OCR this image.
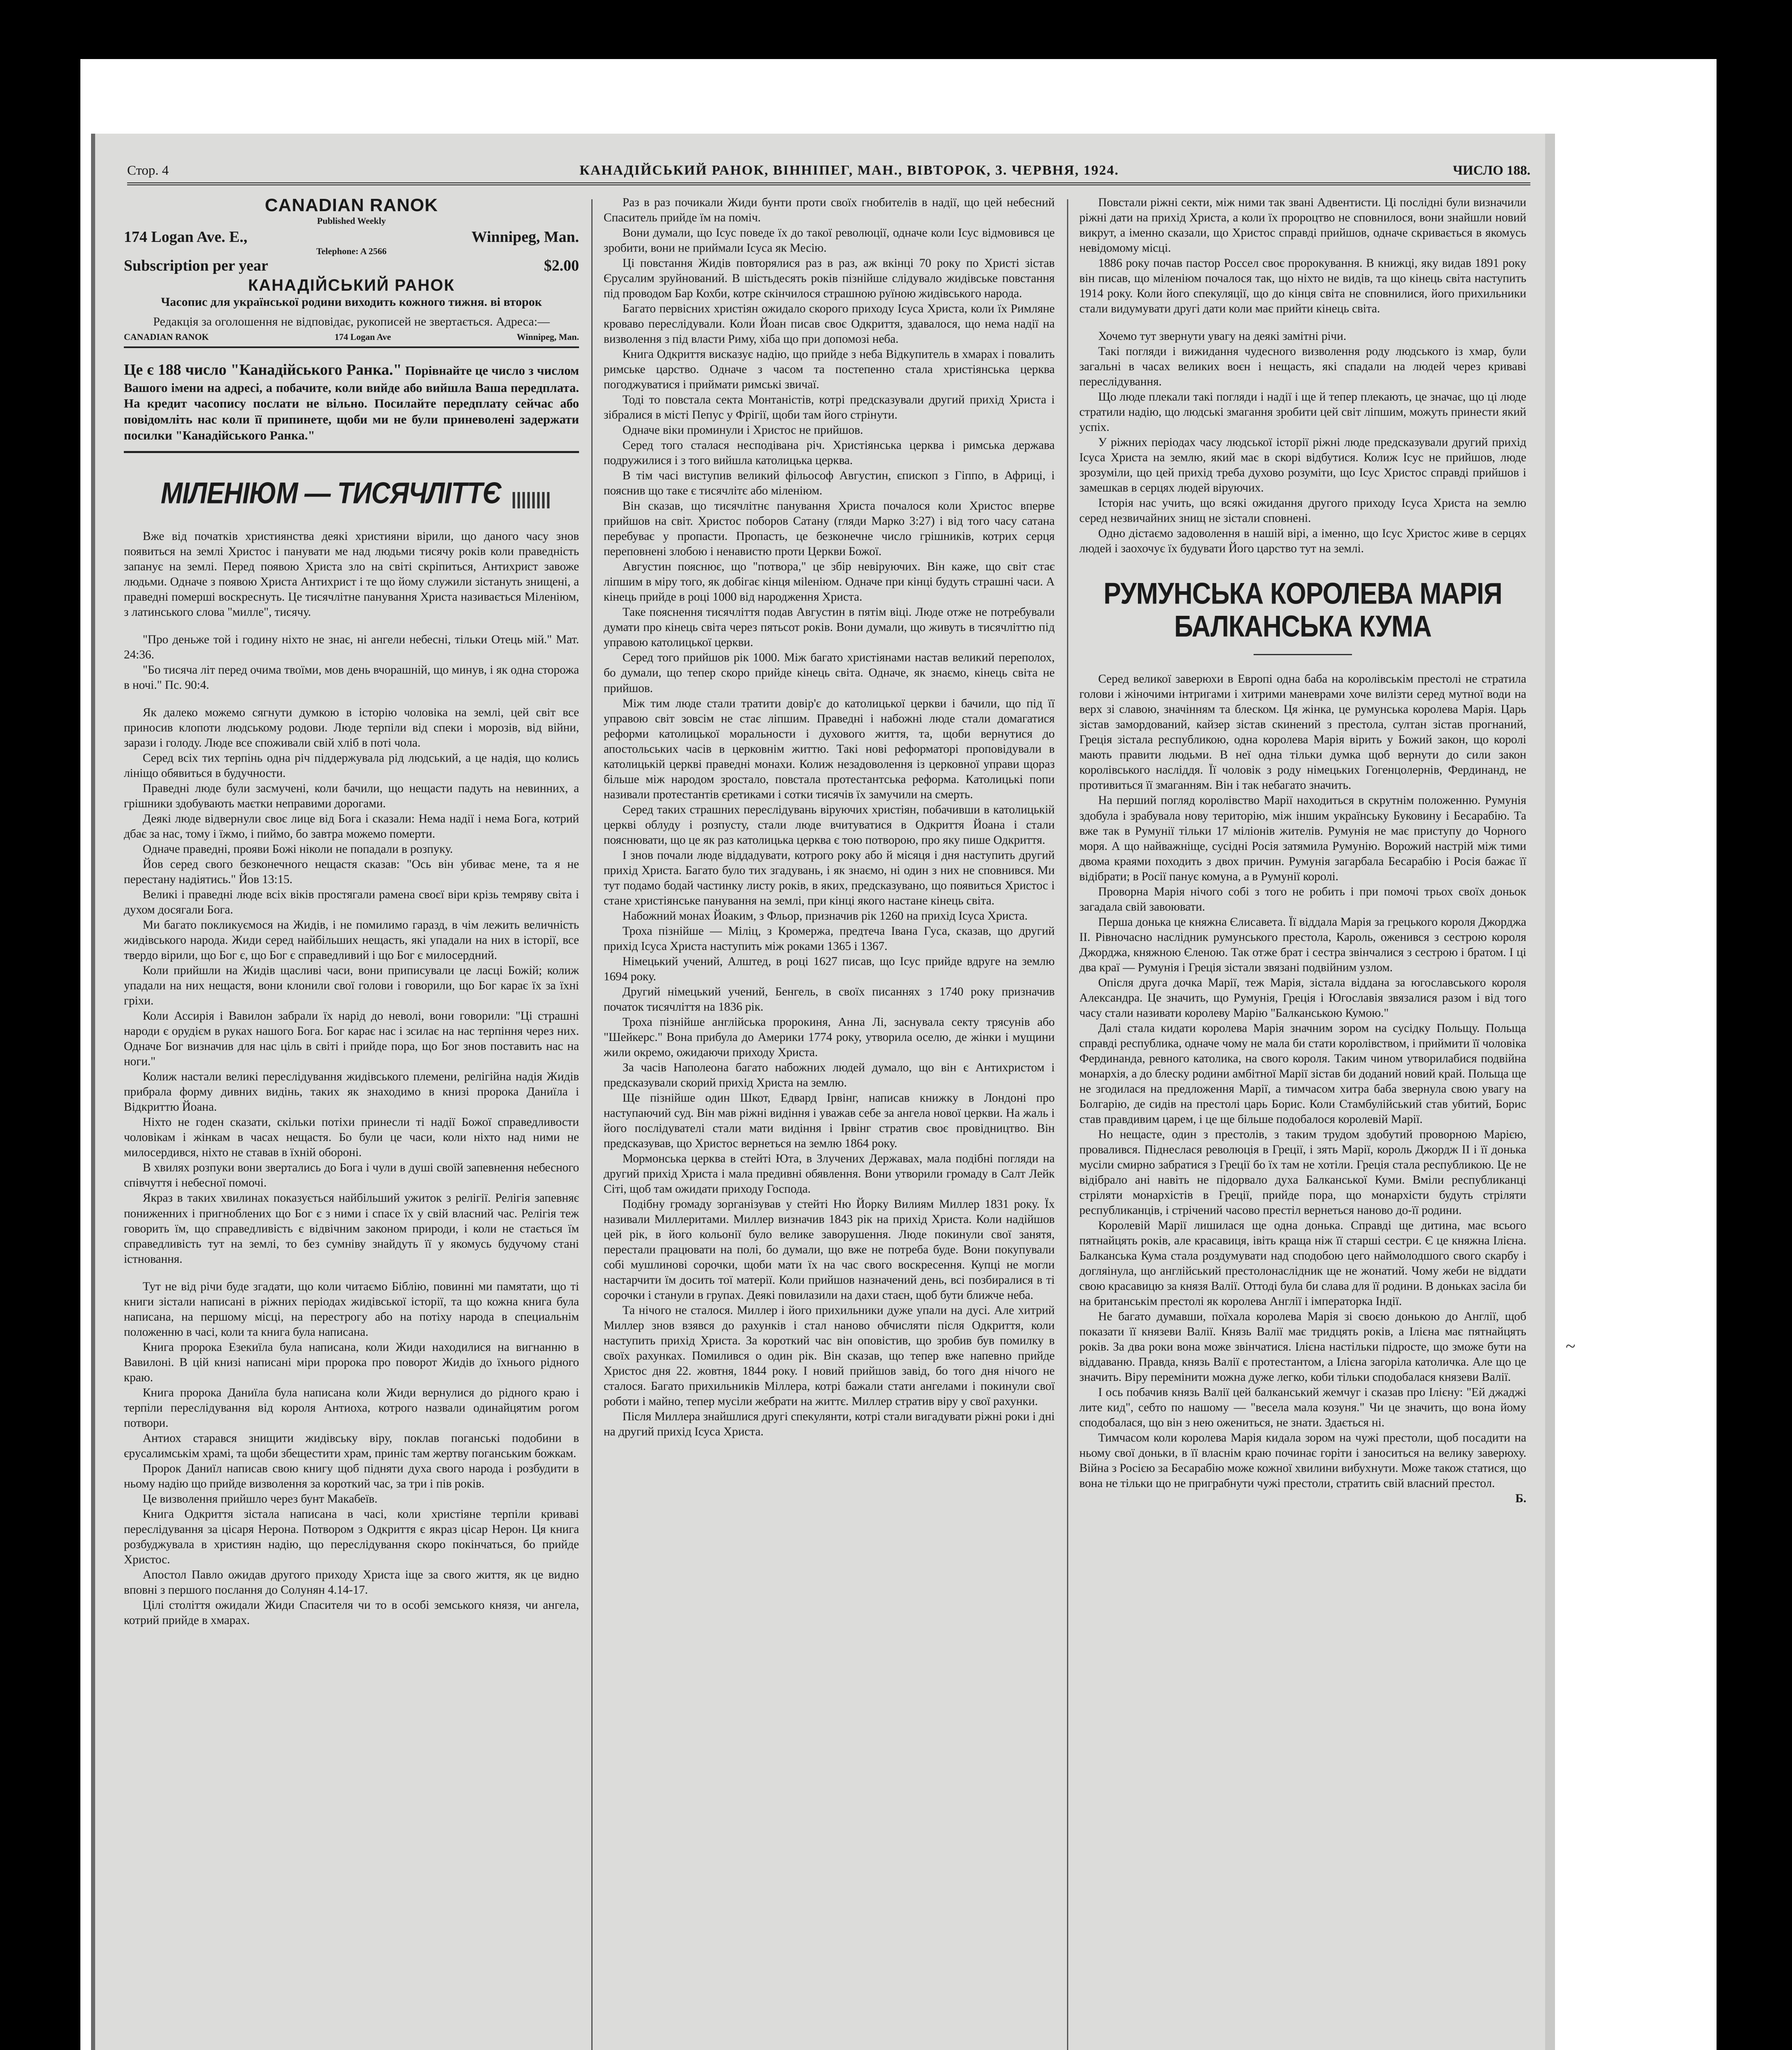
Стор. 4	КАНАДІЙСЬКИЙ РАНОК, ВІННІПЕГ, МАН., ВІВТОРОК, 3. ЧЕРВНЯ, 1924.	ЧИСЛО 188.
CANADIAN RANOK
Published Weekly
174 Logan Ave. E.,	Winnipeg, Man.
Telephone: A 2566
Subscription per year	$2.00
КАНАДІЙСЬКИЙ РАНОК
Часопис для української родини виходить кожного тижня. ві второк
Редакція за оголошення не відповідає, рукописей не звертається. Адреса:—
CANADIAN RANOK	174 Logan Ave	Winnipeg, Man.
Це є 188 число "Канадійського Ранка." Порівнайте це число з числом Вашого імени на адресі, а побачите, коли вийде або вийшла Ваша передплата. На кредит часопису послати не вільно. Посилайте передплату сейчас або повідомліть нас коли її припинете, щоби ми не були приневолені задержати посилки "Канадійського Ранка."
МІЛЕНІЮМ — ТИСЯЧЛІТТЄ

Вже від початків християнства деякі християни вірили, що даного часу знов появиться на землі Христос і панувати ме над людьми тисячу років коли праведність запанує на землі. Перед появою Христа зло на світі скріпиться, Антихрист завоже людьми. Одначе з появою Христа Антихрист і те що йому служили зістануть знищені, а праведні померші воскреснуть. Це тисячлітне панування Христа називається Міленіюм, з латинського слова "милле", тисячу.

"Про деньже той і годину ніхто не знає, ні ангели небесні, тільки Отець мій." Мат. 24:36.

"Бо тисяча літ перед очима твоїми, мов день вчорашній, що минув, і як одна сторожа в ночі." Пс. 90:4.

Як далеко можемо сягнути думкою в історію чоловіка на землі, цей світ все приносив клопоти людському родови. Люде терпіли від спеки і морозів, від війни, зарази і голоду. Люде все споживали свій хліб в поті чола.

Серед всіх тих терпінь одна річ піддержувала рід людський, а це надія, що колись лініщо обявиться в будучности.

Праведні люде були засмучені, коли бачили, що нещасти падуть на невинних, а грішники здобувають маєтки неправими дорогами.

Деякі люде відвернули своє лице від Бога і сказали: Нема надії і нема Бога, котрий дбає за нас, тому і їжмо, і пиймо, бо завтра можемо померти.

Одначе праведні, прояви Божі ніколи не попадали в розпуку.

Йов серед свого безконечного нещастя сказав: "Ось він убиває мене, та я не перестану надіятись." Йов 13:15.

Великі і праведні люде всіх віків простягали рамена своєї віри крізь темряву світа і духом досягали Бога.

Ми багато покликуємося на Жидів, і не помилимо гаразд, в чім лежить величність жидівського народа. Жиди серед найбільших нещасть, які упадали на них в історії, все твердо вірили, що Бог є, що Бог є справедливий і що Бог є милосердний.

Коли прийшли на Жидів щасливі часи, вони приписували це ласці Божій; колиж упадали на них нещастя, вони клонили свої голови і говорили, що Бог карає їх за їхні гріхи.

Коли Ассирія і Вавилон забрали їх нарід до неволі, вони говорили: "Ці страшні народи є орудієм в руках нашого Бога. Бог карає нас і зсилає на нас терпіння через них. Одначе Бог визначив для нас ціль в світі і прийде пора, що Бог знов поставить нас на ноги."

Колиж настали великі переслідування жидівського племени, релігійна надія Жидів прибрала форму дивних видінь, таких як знаходимо в книзі пророка Даниїла і Відкриттю Йоана.

Ніхто не годен сказати, скільки потіхи принесли ті надії Божої справедливости чоловікам і жінкам в часах нещастя. Бо були це часи, коли ніхто над ними не милосердився, ніхто не ставав в їхній обороні.

В хвилях розпуки вони звертались до Бога і чули в душі своїй запевнення небесного співчуття і небесної помочі.

Якраз в таких хвилинах показується найбільший ужиток з релігії. Релігія запевняє пониженних і пригноблених що Бог є з ними і спасе їх у свій власний час. Релігія теж говорить їм, що справедливість є відвічним законом природи, і коли не стається їм справедливість тут на землі, то без сумніву знайдуть її у якомусь будучому стані істновання.

Тут не від річи буде згадати, що коли читаємо Біблію, повинні ми памятати, що ті книги зістали написані в ріжних періодах жидівської історії, та що кожна книга була написана, на першому місці, на перестрогу або на потіху народа в специальнім положенню в часі, коли та книга була написана.

Книга пророка Езекиїла була написана, коли Жиди находилися на вигнанню в Вавилоні. В цій книзі написані міри пророка про поворот Жидів до їхнього рідного краю.

Книга пророка Даниїла була написана коли Жиди вернулися до рідного краю і терпіли переслідування від короля Антиоха, котрого назвали одинайцятим рогом потвори.

Антиох старався знищити жидівську віру, поклав поганські подобини в єрусалимськім храмі, та щоби збещестити храм, приніс там жертву поганським божкам.

Пророк Даниїл написав свою книгу щоб підняти духа свого народа і розбудити в ньому надію що прийде визволення за короткий час, за три і пів років.

Це визволення прийшло через бунт Макабеїв.

Книга Одкриття зістала написана в часі, коли христіяне терпіли криваві переслідування за цісаря Нерона. Потвором з Одкриття є якраз цісар Нерон. Ця книга розбуджувала в християн надію, що переслідування скоро покінчаться, бо прийде Христос.

Апостол Павло ожидав другого приходу Христа іще за свого життя, як це видно вповні з першого послання до Солунян 4.14-17.

Цілі століття ожидали Жиди Спасителя чи то в особі земського князя, чи ангела, котрий прийде в хмарах.

Раз в раз почикали Жиди бунти проти своїх гнобителів в надії, що цей небесний Спаситель прийде їм на поміч.

Вони думали, що Ісус поведе їх до такої революції, одначе коли Ісус відмовився це зробити, вони не приймали Ісуса як Месію.

Ці повстання Жидів повторялися раз в раз, аж вкінці 70 року по Христі зістав Єрусалим зруйнований. В шістьдесять років пізнійше слідувало жидівське повстання під проводом Бар Кохби, котре скінчилося страшною руїною жидівського народа.

Багато первісних христіян ожидало скорого приходу Ісуса Христа, коли їх Римляне кроваво переслідували. Коли Йоан писав своє Одкриття, здавалося, що нема надії на визволення з під власти Риму, хіба що при допомозі неба.

Книга Одкриття висказує надію, що прийде з неба Відкупитель в хмарах і повалить римське царство. Одначе з часом та постепенно стала христіянська церква погоджуватися і приймати римські звичаї.

Тоді то повстала секта Монтаністів, котрі предсказували другий прихід Христа і зібралися в місті Пепус у Фрiгії, щоби там його стрiнути.

Одначе віки проминули і Христос не прийшов.

Серед того сталася несподівана річ. Христіянська церква і римська держава подружилися і з того вийшла католицька церква.

В тім часі виступив великий фільософ Августин, єпископ з Гіппо, в Африці, і пояснив що таке є тисячлітє або міленіюм.

Він сказав, що тисячлітнє панування Христа почалося коли Христос вперве прийшов на світ. Христос поборов Сатану (гляди Марко 3:27) і від того часу сатана перебуває у пропасти. Пропасть, це безконечне число грішників, котрих серця переповнені злобою і ненавистю проти Церкви Божої.

Августин пояснює, що "потвора," це збір невіруючих. Він каже, що світ стає ліпшим в міру того, як добігає кінця мileніюм. Одначе при кінці будуть страшні часи. А кінець прийде в році 1000 від народження Христа.

Таке пояснення тисячліття подав Августин в пятім віці. Люде отже не потребували думати про кінець світа через пятьсот років. Вони думали, що живуть в тисячліттю під управою католицької церкви.

Серед того прийшов рік 1000. Між багато христіянами настав великий переполох, бо думали, що тепер скоро прийде кінець світа. Одначе, як знаємо, кінець світа не прийшов.

Між тим люде стали тратити довір'є до католицької церкви і бачили, що під її управою світ зовсім не стає ліпшим. Праведні і набожні люде стали домагатися реформи католицької моральности і духового життя, та, щоби вернутися до апостольських часів в церковнім життю. Такі нові реформаторі проповідували в католицькій церкві праведні монахи. Колиж незадоволення із церковної управи щораз більше між народом зростало, повстала протестантська реформа. Католицькі попи називали протестантів єретиками і сотки тисячів їх замучили на смерть.

Серед таких страшних переслідувань віруючих христіян, побачивши в католицькій церкві облуду і розпусту, стали люде вчитуватися в Одкриття Йоана і стали пояснювати, що це як раз католицька церква є тою потворою, про яку пише Одкриття.

І знов почали люде віддадувати, котрого року або й місяця і дня наступить другий прихід Христа. Багато було тих згадувань, і як знаємо, ні один з них не сповнився. Ми тут подамо бодай частинку листу років, в яких, предсказувано, що появиться Христос і стане христіянське панування на землі, при кінці якого настане кінець світа.

Набожний монах Йоаким, з Фльор, призначив рік 1260 на прихід Ісуса Христа.

Троха пізнійше — Міліц, з Кромержа, предтеча Івана Гуса, сказав, що другий прихід Ісуса Христа наступить між роками 1365 і 1367.

Німецький учений, Алштед, в році 1627 писав, що Ісус прийде вдруге на землю 1694 року.

Другий німецький учений, Бенгель, в своїх писаннях з 1740 року призначив початок тисячліття на 1836 рік.

Троха пізнійше англійська пророкиня, Анна Лі, заснувала секту трясунів або "Шейкерс." Вона прибула до Америки 1774 року, утворила оселю, де жінки і мущини жили окремо, ожидаючи приходу Христа.

За часів Наполеона багато набожних людей думало, що він є Антихристом і предсказували скорий прихід Христа на землю.

Ще пізнійше один Шкот, Едвард Ірвінг, написав книжку в Лондоні про наступаючий суд. Він мав ріжні видіння і уважав себе за ангела нової церкви. На жаль і його послідувателі стали мати видіння і Ірвінг стратив своє провідництво. Він предсказував, що Христос вернеться на землю 1864 року.

Мормонська церква в стейті Юта, в Злучених Державах, мала подібні погляди на другий прихід Христа і мала предивні обявлення. Вони утворили громаду в Салт Лейк Сіті, щоб там ожидати приходу Господа.

Подібну громаду зорганізував у стейті Ню Йорку Вилиям Миллер 1831 року. Їх називали Миллеритами. Миллер визначив 1843 рік на прихід Христа. Коли надійшов цей рік, в його кольонії було велике заворушення. Люде покинули свої занятя, перестали працювати на полі, бо думали, що вже не потреба буде. Вони покупували собі мушлинові сорочки, щоби мати їх на час свого воскресення. Купці не могли настарчити їм досить тої матерії. Коли прийшов назначений день, всі позбиралися в ті сорочки і станули в групах. Деякі повилазили на дахи стаєн, щоб бути ближче неба.

Та нічого не сталося. Миллер і його прихильники дуже упали на дусі. Але хитрий Миллер знов взявся до рахунків і стал наново обчисляти після Одкриття, коли наступить прихід Христа. За короткий час він оповістив, що зробив був помилку в своїх рахунках. Помилився о один рік. Він сказав, що тепер вже напевно прийде Христос дня 22. жовтня, 1844 року. І новий прийшов завід, бо того дня нічого не сталося. Багато прихильників Міллера, котрі бажали стати ангелами і покинули свої роботи і майно, тепер мусіли жебрати на життє. Миллер стратив віру у свої рахунки.

Після Миллера знайшлися другі спекулянти, котрі стали вигадувати ріжні роки і дні на другий прихід Ісуса Христа.

Повстали ріжні секти, між ними так звані Адвентисти. Ці послідні були визначили ріжні дати на прихід Христа, а коли їх пророцтво не сповнилося, вони знайшли новий викрут, а іменно сказали, що Христос справді прийшов, одначе скривається в якомусь невідомому місці.

1886 року почав пастор Россел своє пророкування. В книжці, яку видав 1891 року він писав, що міленіюм почалося так, що ніхто не видів, та що кінець світа наступить 1914 року. Коли його спекуляції, що до кінця світа не сповнилися, його прихильники стали видумувати другі дати коли має прийти кінець світа.

Хочемо тут звернути увагу на деякі замітні річи.

Такі погляди і вижидання чудесного визволення роду людського із хмар, були загальні в часах великих воєн і нещасть, які спадали на людей через криваві переслідування.

Що люде плекали такі погляди і надії і ще й тепер плекають, це значає, що ці люде стратили надію, що людські змагання зробити цей світ ліпшим, можуть принести який успіх.

У ріжних періодах часу людської історії ріжні люде предсказували другий прихід Ісуса Христа на землю, який має в скорі відбутися. Колиж Ісус не прийшов, люде зрозуміли, що цей прихід треба духово розуміти, що Ісус Христос справді прийшов і замешкав в серцях людей віруючих.

Історія нас учить, що всякі ожидання другого приходу Ісуса Христа на землю серед незвичайних знищ не зістали сповнені.

Одно дістаємо задоволення в нашій вірі, а іменно, що Ісус Христос живе в серцях людей і заохочує їх будувати Його царство тут на землі.

РУМУНСЬКА КОРОЛЕВА МАРІЯ
БАЛКАНСЬКА КУМА

Серед великої заверюхи в Европі одна баба на королівськім престолі не стратила голови і жіночими інтригами і хитрими маневрами хоче вилізти серед мутної води на верх зі славою, значінням та блеском. Ця жінка, це румунська королева Марія. Царь зістав замордований, кайзер зістав скинений з престола, султан зістав прогнаний, Греція зістала республикою, одна королева Марія вірить у Божий закон, що королі мають правити людьми. В неї одна тільки думка щоб вернути до сили закон королівського насліддя. Її чоловік з роду німецьких Гогенцолернів, Фердинанд, не противиться її змаганням. Він і так небагато значить.

На перший погляд королівство Марії находиться в скрутнім положенню. Румунія здобула і зрабувала нову територію, між іншим українську Буковину і Бесарабію. Та вже так в Румунії тільки 17 міліонів жителів. Румунія не має приступу до Чорного моря. А що найважніще, сусідні Росія затямила Румунію. Ворожий настрій між тими двома краями походить з двох причин. Румунія загарбала Бесарабію і Росія бажає її відібрати; в Росії панує комуна, а в Румунії королі.

Проворна Марія нічого собі з того не робить і при помочі трьох своїх доньок загадала свій завоювати.

Перша донька це княжна Єлисавета. Її віддала Марія за грецького короля Джорджа II. Рівночасно наслідник румунського престола, Кароль, оженився з сестрою короля Джорджа, княжною Єленою. Так отже брат і сестра звінчалися з сестрою і братом. І ці два краї — Румунія і Греція зістали звязані подвійним узлом.

Опісля друга дочка Марії, теж Марія, зістала віддана за югославського короля Александра. Це значить, що Румунія, Греція і Югославія звязалися разом і від того часу стали називати королеву Марію "Балканською Кумою."

Далі стала кидати королева Марія значним зором на сусідку Польщу. Польща справді республика, одначе чому не мала би стати королівством, і приймити її чоловіка Фердинанда, ревного католика, на свого короля. Таким чином утворилабися подвійна монархія, а до блеску родини амбітної Марії зістав би доданий новий край. Польща ще не згодилася на предложення Марії, а тимчасом хитра баба звернула свою увагу на Болгарію, де сидів на престолі царь Борис. Коли Стамбулійський став убитий, Борис став правдивим царем, і це ще більше подобалося королевій Марії.

Но нещасте, один з престолів, з таким трудом здобутий проворною Марією, провалився. Піднеслася революція в Греції, і зять Марії, король Джордж II і її донька мусіли смирно забратися з Греції бо їх там не хотіли. Греція стала республикою. Це не відібрало ані навіть не підорвало духа Балканської Куми. Вміли республиканці стріляти монархістів в Греції, прийде пора, що монархісти будуть стріляти республиканців, і стрічений часово престіл вернеться наново до-її родини.

Королевій Марії лишилася ще одна донька. Справді ще дитина, має всього пятнайцять років, але красавиця, івіть краща ніж її старші сестри. Є це княжна Ілієна. Балканська Кума стала роздумувати над сподобою цего наймолодшого свого скарбу і догляінула, що англійський престолонаслідник ще не жонатий. Чому жеби не віддати свою красавицю за князя Валії. Оттоді була би слава для її родини. В доньках засіла би на британськім престолі як королева Англії і імператорка Індії.

Не багато думавши, поїхала королева Марія зі своєю донькою до Англії, щоб показати її князеви Валії. Князь Валії має тридцять років, а Ілієна має пятнайцять років. За два роки вона може звінчатися. Ілієна настільки підросте, що зможе бути на віддаваню. Правда, князь Валії є протестантом, а Ілієна загоріла католичка. Але що це значить. Віру перемінити можна дуже легко, коби тільки сподобалася князеви Валії.

І ось побачив князь Валії цей балканський жемчуг і сказав про Ілієну: "Ей джаджі лите кид", себто по нашому — "весела мала козуня." Чи це значить, що вона йому сподобалася, що він з нею ожениться, не знати. Здається ні.

Тимчасом коли королева Марія кидала зором на чужі престоли, щоб посадити на ньому свої доньки, в її власнім краю починає горіти і заноситься на велику заверюху. Війна з Росією за Бесарабію може кожної хвилини вибухнути. Може також статися, що вона не тільки що не приграбнути чужі престоли, стратить свій власний престол.

Б.

~
